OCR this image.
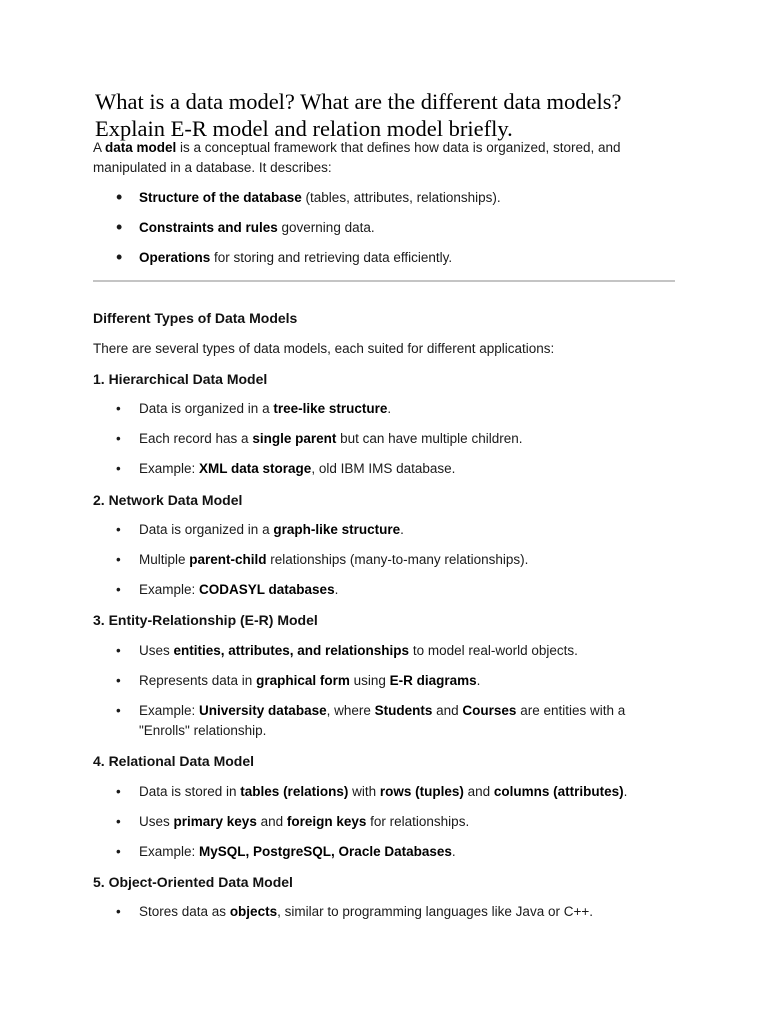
What is a data model? What are the different data models?
Explain E-R model and relation model briefly.

A data model is a conceptual framework that defines how data is organized, stored, and
manipulated in a database. It describes:

•	Structure of the database (tables, attributes, relationships).
•	Constraints and rules governing data.
•	Operations for storing and retrieving data efficiently.
Different Types of Data Models

There are several types of data models, each suited for different applications:

1. Hierarchical Data Model
•	Data is organized in a tree-like structure.
•	Each record has a single parent but can have multiple children.
•	Example: XML data storage, old IBM IMS database.
2. Network Data Model
•	Data is organized in a graph-like structure.
•	Multiple parent-child relationships (many-to-many relationships).
•	Example: CODASYL databases.
3. Entity-Relationship (E-R) Model
•	Uses entities, attributes, and relationships to model real-world objects.
•	Represents data in graphical form using E-R diagrams.
•	Example: University database, where Students and Courses are entities with a
"Enrolls" relationship.
4. Relational Data Model
•	Data is stored in tables (relations) with rows (tuples) and columns (attributes).
•	Uses primary keys and foreign keys for relationships.
•	Example: MySQL, PostgreSQL, Oracle Databases.
5. Object-Oriented Data Model
•	Stores data as objects, similar to programming languages like Java or C++.
